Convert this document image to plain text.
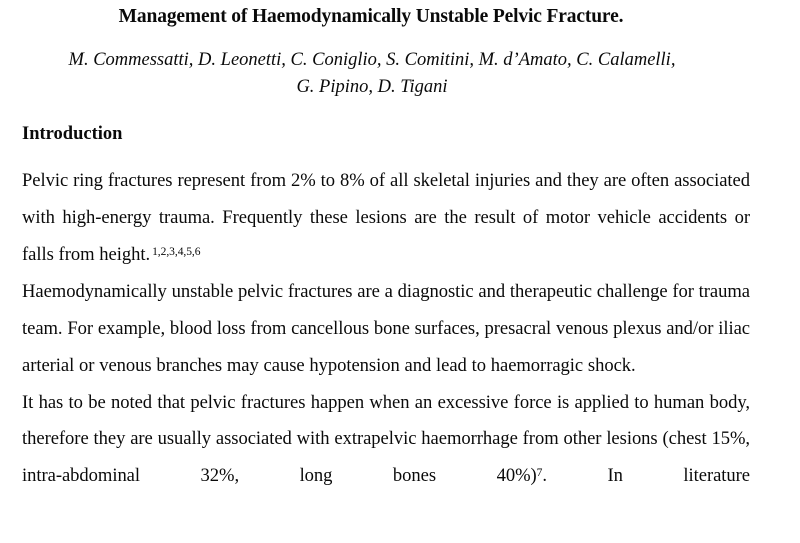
Management of Haemodynamically Unstable Pelvic Fracture.
M. Commessatti, D. Leonetti, C. Coniglio, S. Comitini, M. d’Amato, C. Calamelli,
G. Pipino, D. Tigani
Introduction

Pelvic ring fractures represent from 2% to 8% of all skeletal injuries and they are often associated with high-energy trauma. Frequently these lesions are the result of motor vehicle accidents or falls from height. $^{1,2,3,4,5,6}$

Haemodynamically unstable pelvic fractures are a diagnostic and therapeutic challenge for trauma team. For example, blood loss from cancellous bone surfaces, presacral venous plexus and/or iliac arterial or venous branches may cause hypotension and lead to haemorragic shock.

It has to be noted that pelvic fractures happen when an excessive force is applied to human body, therefore they are usually associated with extrapelvic haemorrhage from other lesions (chest 15%, intra-abdominal 32%, long bones 40%)$^7$. In literature
